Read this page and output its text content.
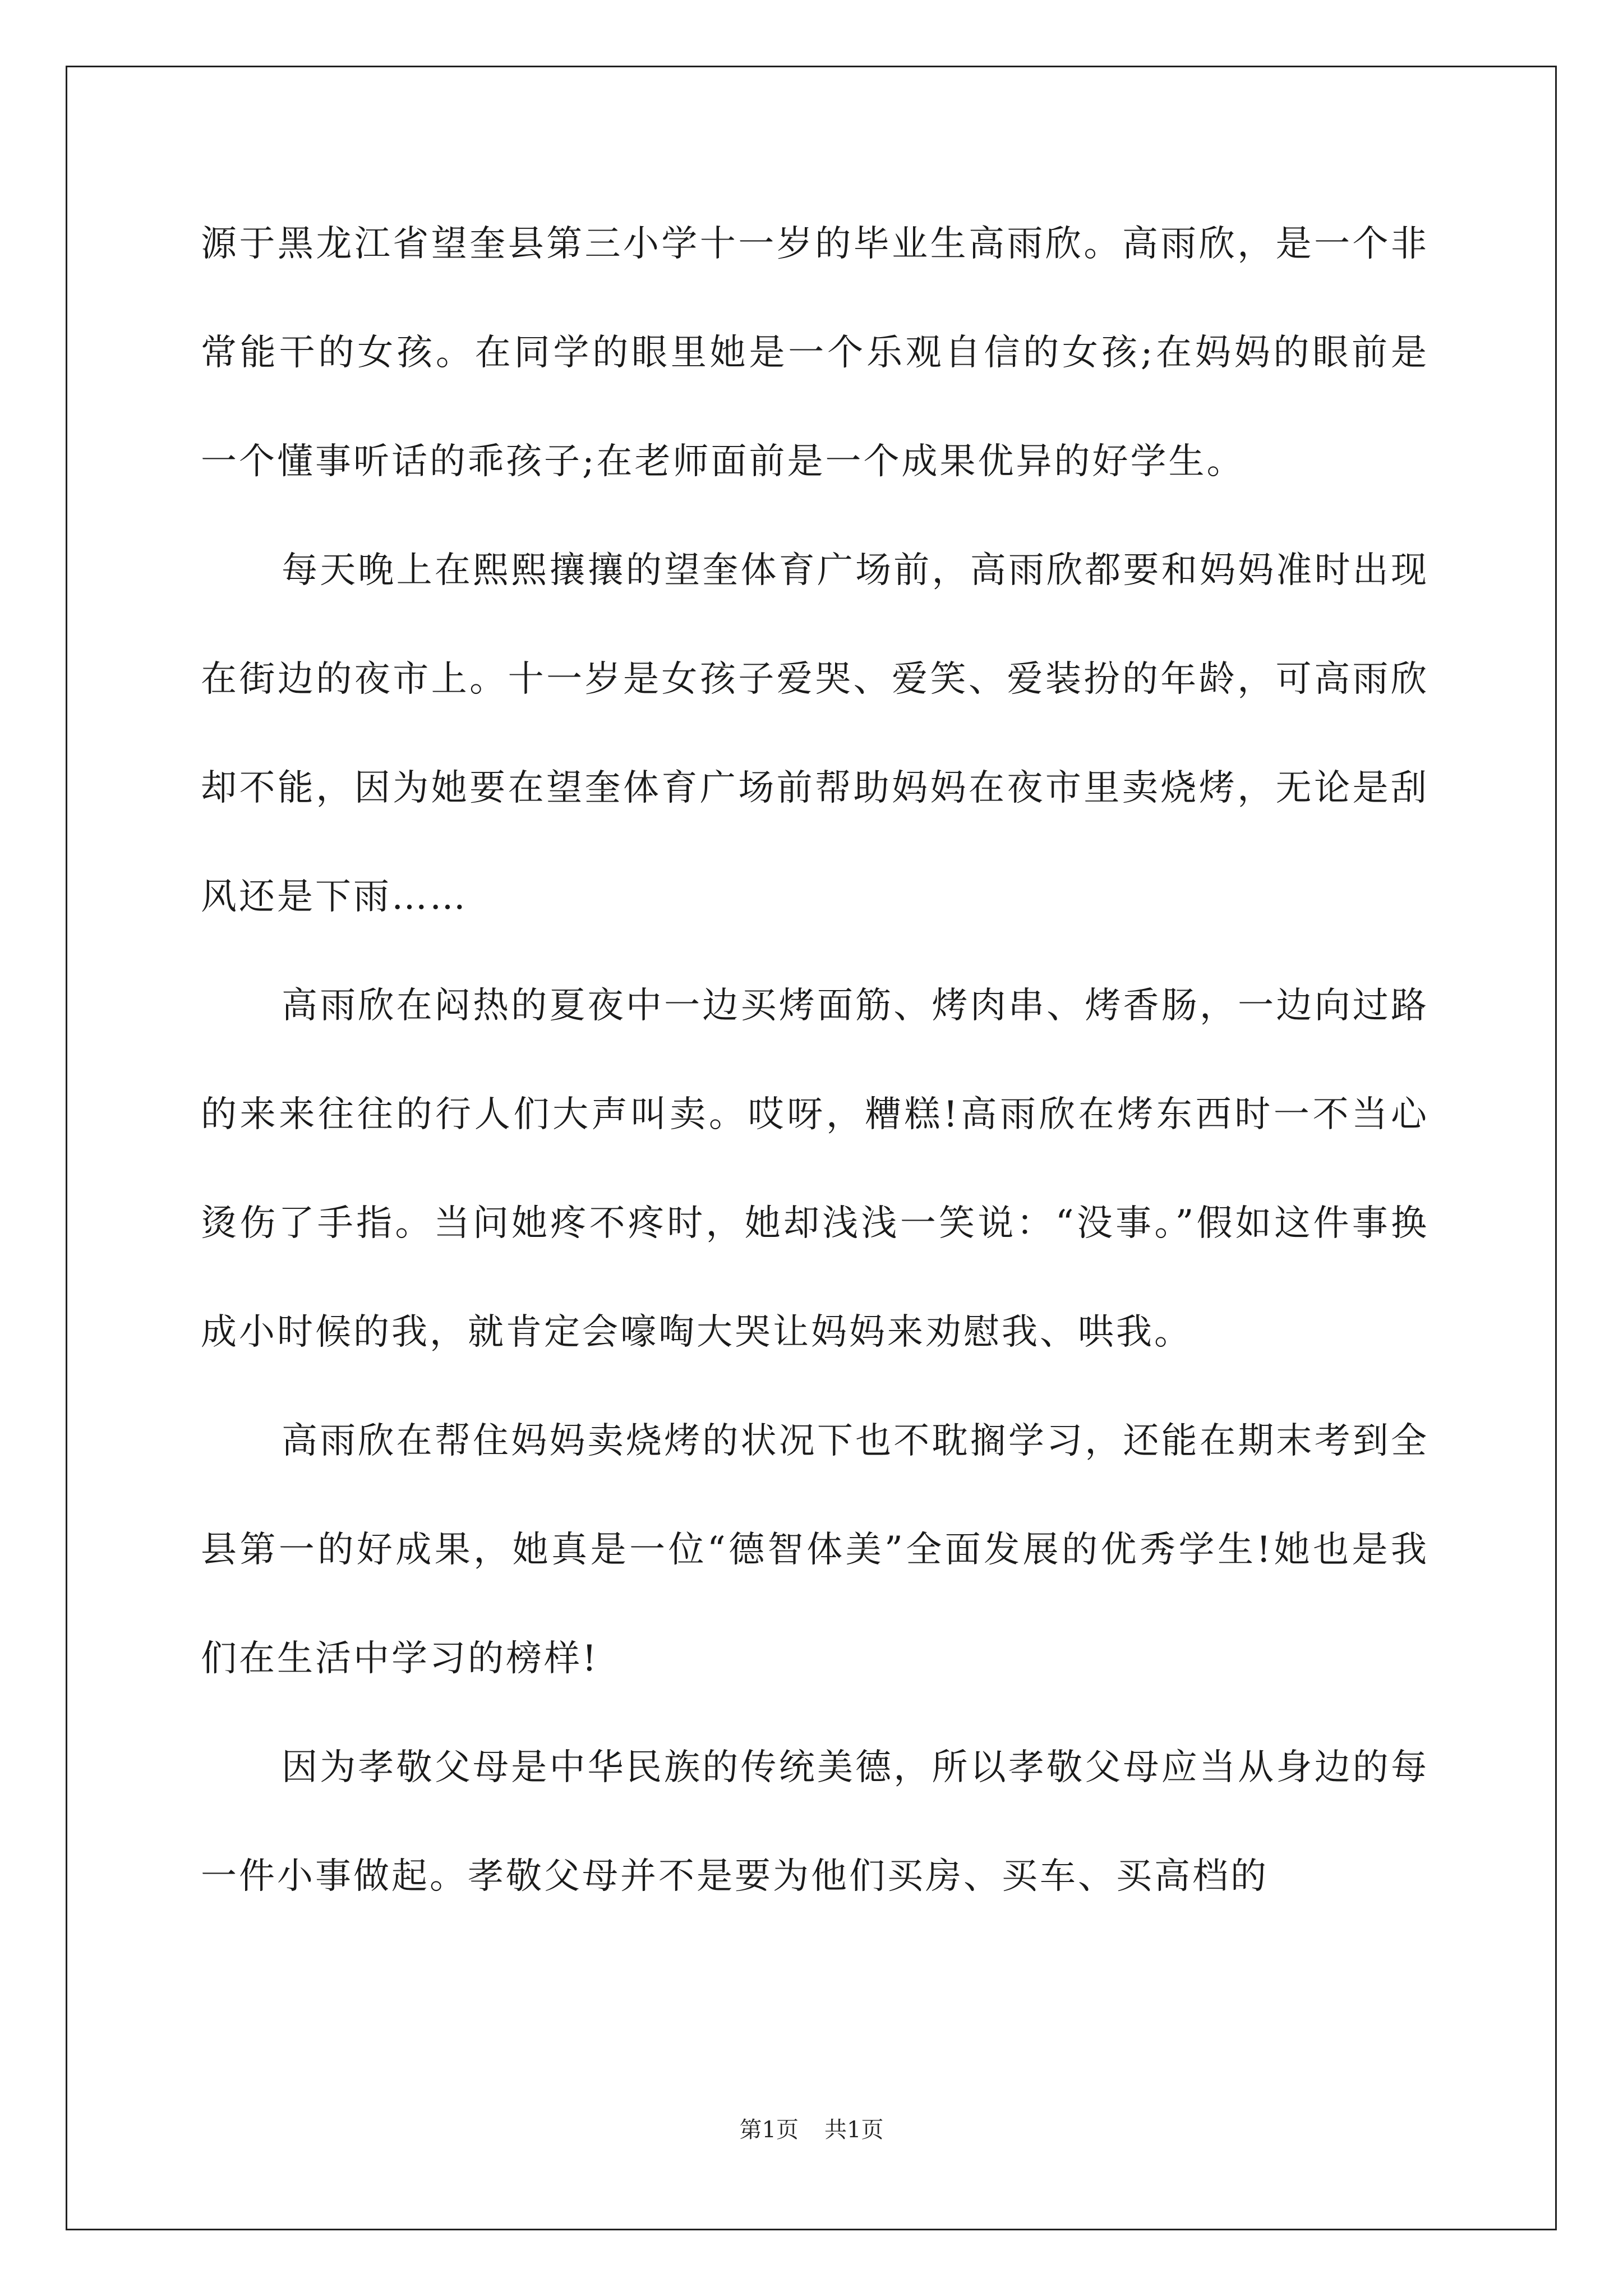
源于黑龙江省望奎县第三小学十一岁的毕业生高雨欣。高雨欣，是一个非常能干的女孩。在同学的眼里她是一个乐观自信的女孩;在妈妈的眼前是一个懂事听话的乖孩子;在老师面前是一个成果优异的好学生。

每天晚上在熙熙攘攘的望奎体育广场前，高雨欣都要和妈妈准时出现在街边的夜市上。十一岁是女孩子爱哭、爱笑、爱装扮的年龄，可高雨欣却不能，因为她要在望奎体育广场前帮助妈妈在夜市里卖烧烤，无论是刮风还是下雨……

高雨欣在闷热的夏夜中一边买烤面筋、烤肉串、烤香肠，一边向过路的来来往往的行人们大声叫卖。哎呀，糟糕!高雨欣在烤东西时一不当心烫伤了手指。当问她疼不疼时，她却浅浅一笑说：“没事。”假如这件事换成小时候的我，就肯定会嚎啕大哭让妈妈来劝慰我、哄我。

高雨欣在帮住妈妈卖烧烤的状况下也不耽搁学习，还能在期末考到全县第一的好成果，她真是一位“德智体美”全面发展的优秀学生!她也是我们在生活中学习的榜样!

因为孝敬父母是中华民族的传统美德，所以孝敬父母应当从身边的每一件小事做起。孝敬父母并不是要为他们买房、买车、买高档的

第1页 共1页
